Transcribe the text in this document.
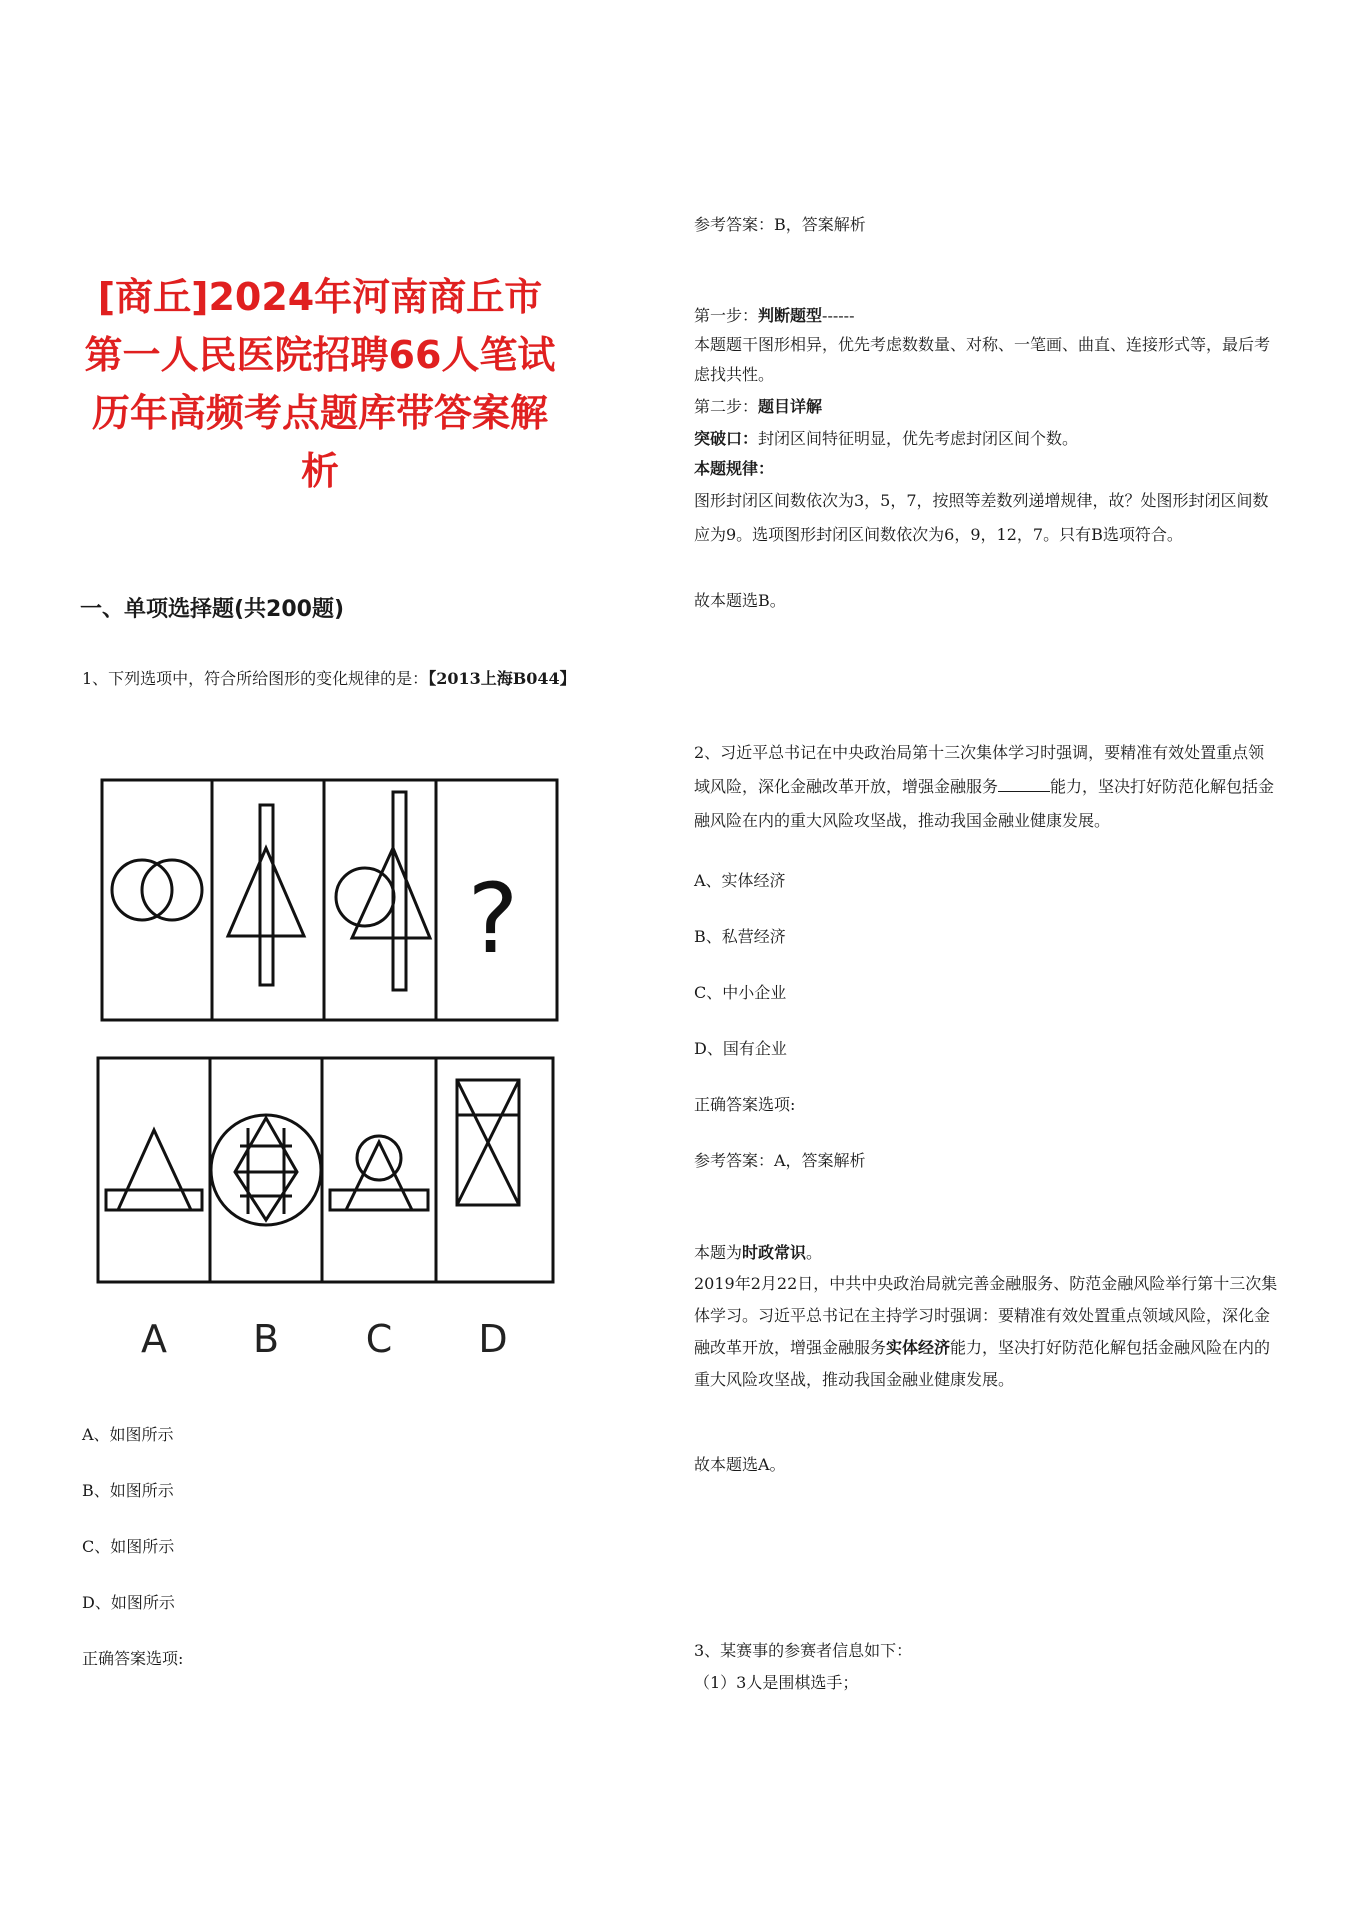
[商丘]2024年河南商丘市第一人民医院招聘66人笔试历年高频考点题库带答案解析
一、单项选择题(共200题)
1、下列选项中，符合所给图形的变化规律的是：【2013上海B044】
?
A B C D
A、如图所示
B、如图所示
C、如图所示
D、如图所示
正确答案选项:
参考答案：B，答案解析
第一步：判断题型------
本题题干图形相异，优先考虑数数量、对称、一笔画、曲直、连接形式等，最后考虑找共性。
第二步：题目详解
突破口：封闭区间特征明显，优先考虑封闭区间个数。
本题规律：
图形封闭区间数依次为3，5，7，按照等差数列递增规律，故？处图形封闭区间数应为9。选项图形封闭区间数依次为6，9，12，7。只有B选项符合。
故本题选B。
2、习近平总书记在中央政治局第十三次集体学习时强调，要精准有效处置重点领域风险，深化金融改革开放，增强金融服务	能力，坚决打好防范化解包括金融风险在内的重大风险攻坚战，推动我国金融业健康发展。
A、实体经济
B、私营经济
C、中小企业
D、国有企业
正确答案选项:
参考答案：A，答案解析
本题为时政常识。
2019年2月22日，中共中央政治局就完善金融服务、防范金融风险举行第十三次集体学习。习近平总书记在主持学习时强调：要精准有效处置重点领域风险，深化金融改革开放，增强金融服务实体经济能力，坚决打好防范化解包括金融风险在内的重大风险攻坚战，推动我国金融业健康发展。
故本题选A。
3、某赛事的参赛者信息如下：
（1）3人是围棋选手；
